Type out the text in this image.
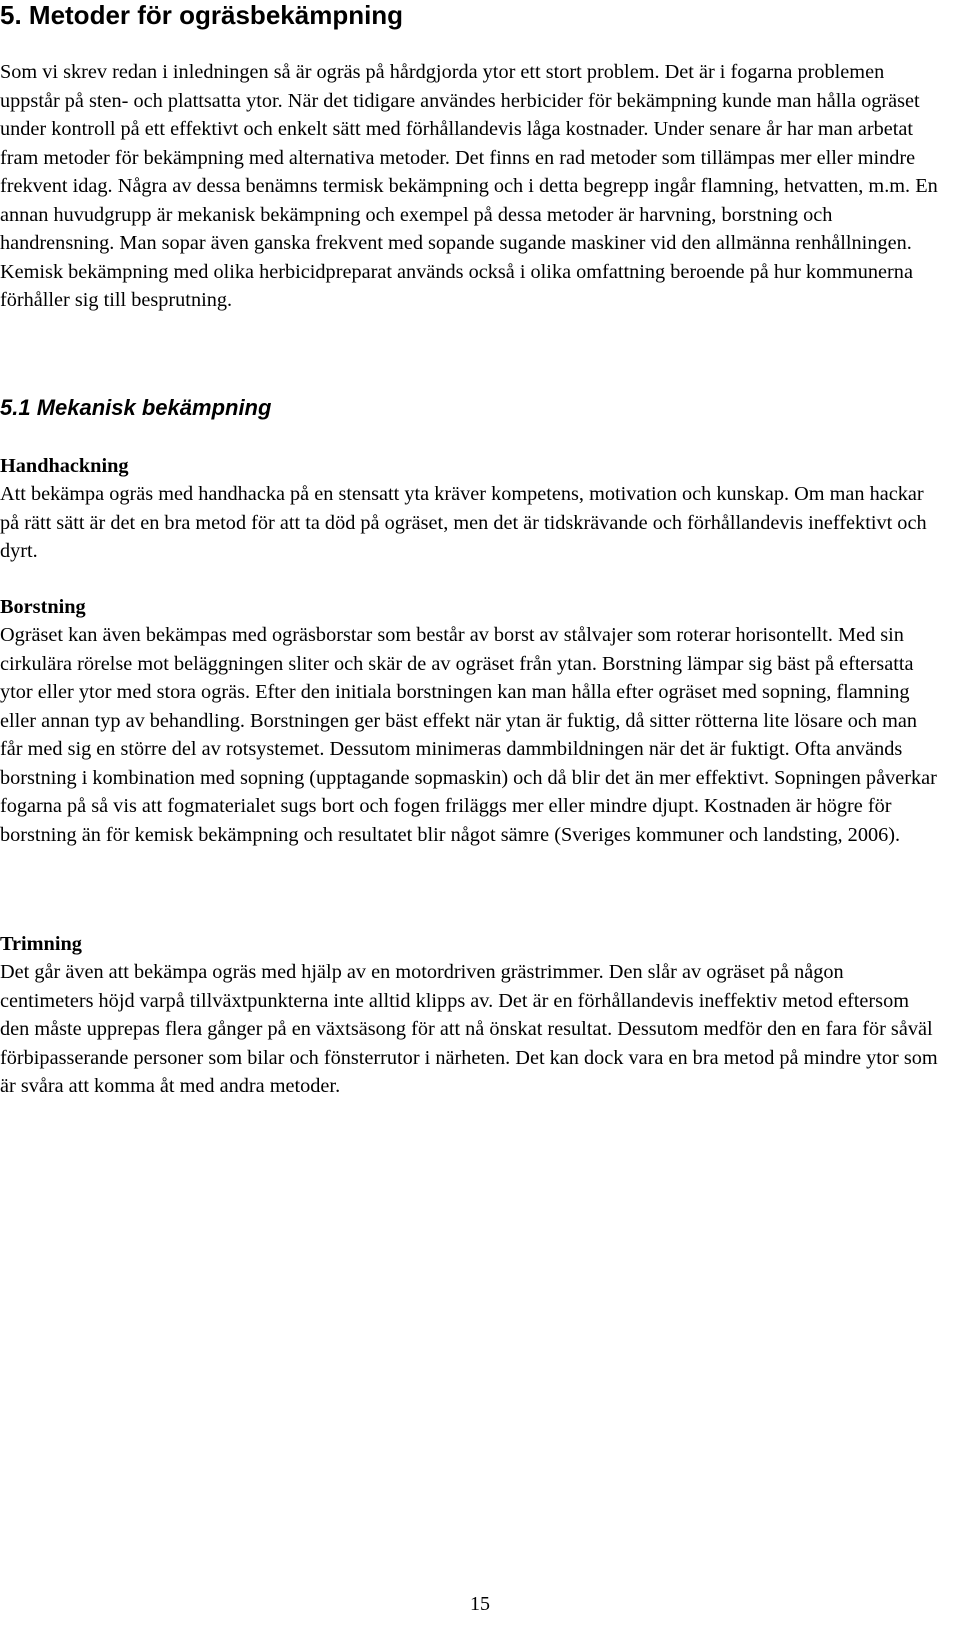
5. Metoder för ogräsbekämpning

Som vi skrev redan i inledningen så är ogräs på hårdgjorda ytor ett stort problem. Det är i fogarna problemen uppstår på sten- och plattsatta ytor. När det tidigare användes herbicider för bekämpning kunde man hålla ogräset under kontroll på ett effektivt och enkelt sätt med förhållandevis låga kostnader. Under senare år har man arbetat fram metoder för bekämpning med alternativa metoder. Det finns en rad metoder som tillämpas mer eller mindre frekvent idag. Några av dessa benämns termisk bekämpning och i detta begrepp ingår flamning, hetvatten, m.m. En annan huvudgrupp är mekanisk bekämpning och exempel på dessa metoder är harvning, borstning och handrensning. Man sopar även ganska frekvent med sopande sugande maskiner vid den allmänna renhållningen. Kemisk bekämpning med olika herbicidpreparat används också i olika omfattning beroende på hur kommunerna förhåller sig till besprutning.

5.1 Mekanisk bekämpning
Handhackning

Att bekämpa ogräs med handhacka på en stensatt yta kräver kompetens, motivation och kunskap. Om man hackar på rätt sätt är det en bra metod för att ta död på ogräset, men det är tidskrävande och förhållandevis ineffektivt och dyrt.

Borstning

Ogräset kan även bekämpas med ogräsborstar som består av borst av stålvajer som roterar horisontellt. Med sin cirkulära rörelse mot beläggningen sliter och skär de av ogräset från ytan. Borstning lämpar sig bäst på eftersatta ytor eller ytor med stora ogräs. Efter den initiala borstningen kan man hålla efter ogräset med sopning, flamning eller annan typ av behandling. Borstningen ger bäst effekt när ytan är fuktig, då sitter rötterna lite lösare och man får med sig en större del av rotsystemet. Dessutom minimeras dammbildningen när det är fuktigt. Ofta används borstning i kombination med sopning (upptagande sopmaskin) och då blir det än mer effektivt. Sopningen påverkar fogarna på så vis att fogmaterialet sugs bort och fogen friläggs mer eller mindre djupt. Kostnaden är högre för borstning än för kemisk bekämpning och resultatet blir något sämre (Sveriges kommuner och landsting, 2006).

Trimning

Det går även att bekämpa ogräs med hjälp av en motordriven grästrimmer. Den slår av ogräset på någon centimeters höjd varpå tillväxtpunkterna inte alltid klipps av. Det är en förhållandevis ineffektiv metod eftersom den måste upprepas flera gånger på en växtsäsong för att nå önskat resultat. Dessutom medför den en fara för såväl förbipasserande personer som bilar och fönsterrutor i närheten. Det kan dock vara en bra metod på mindre ytor som är svåra att komma åt med andra metoder.

15
